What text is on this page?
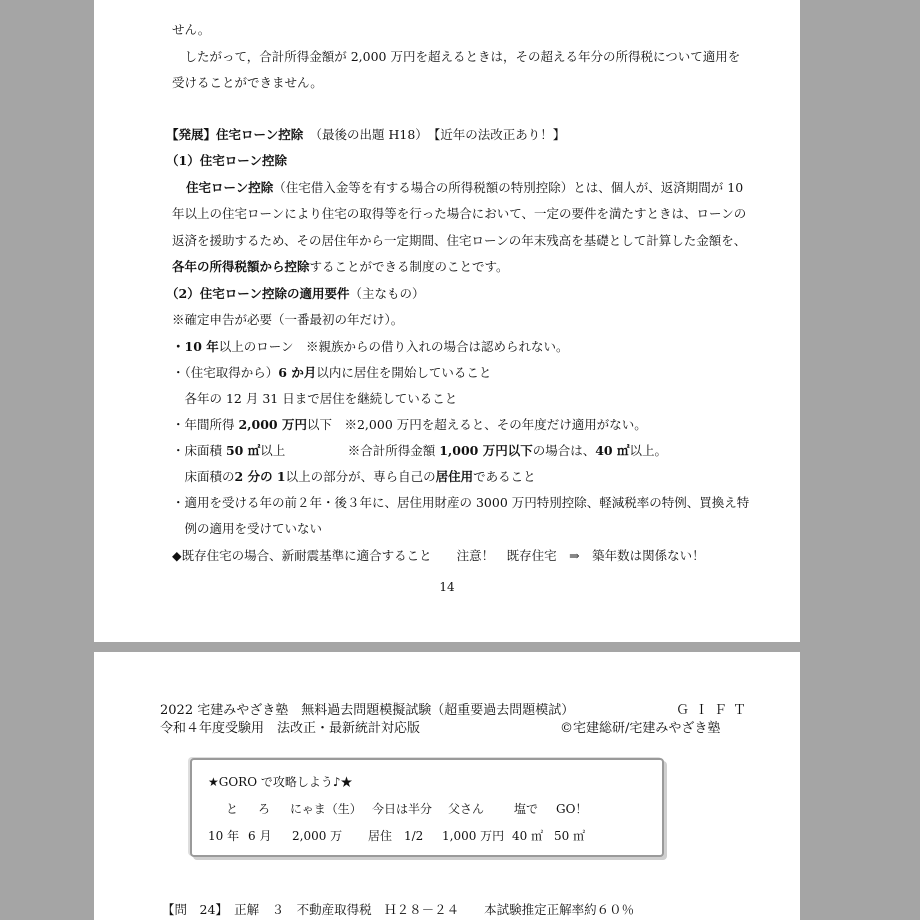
せん。
　したがって，合計所得金額が 2,000 万円を超えるときは，その超える年分の所得税について適用を
受けることができません。
【発展】住宅ローン控除　（最後の出題 H18）　【近年の法改正あり！】
（1）住宅ローン控除
住宅ローン控除（住宅借入金等を有する場合の所得税額の特別控除）とは、個人が、返済期間が 10
年以上の住宅ローンにより住宅の取得等を行った場合において、一定の要件を満たすときは、ローンの
返済を援助するため、その居住年から一定期間、住宅ローンの年末残高を基礎として計算した金額を、
各年の所得税額から控除することができる制度のことです。
（2）住宅ローン控除の適用要件（主なもの）
※確定申告が必要（一番最初の年だけ）。
・10 年以上のローン　※親族からの借り入れの場合は認められない。
・（住宅取得から）6 か月以内に居住を開始していること
　各年の 12 月 31 日まで居住を継続していること
・年間所得 2,000 万円以下　※2,000 万円を超えると、その年度だけ適用がない。
・床面積 50 ㎡以上　　　　　※合計所得金額 1,000 万円以下の場合は、40 ㎡以上。
　床面積の2 分の 1以上の部分が、専ら自己の居住用であること
・適用を受ける年の前２年・後３年に、居住用財産の 3000 万円特別控除、軽減税率の特例、買換え特
　例の適用を受けていない
◆既存住宅の場合、新耐震基準に適合すること　　注意！　既存住宅　⇒　築年数は関係ない！
14
2022 宅建みやざき塾　無料過去問題模擬試験（超重要過去問題模試）	ＧＩＦＴ
令和４年度受験用　法改正・最新統計対応版	©宅建総研/宅建みやざき塾
★GORO で攻略しよう♪★
と ろ にゃま（生） 今日は半分 父さん 塩で GO！
10 年 6 月 2,000 万 居住 1/2 1,000 万円 40 ㎡ 50 ㎡
【問　24】　正解　３　不動産取得税　Ｈ２８－２４　　本試験推定正解率約６０％
